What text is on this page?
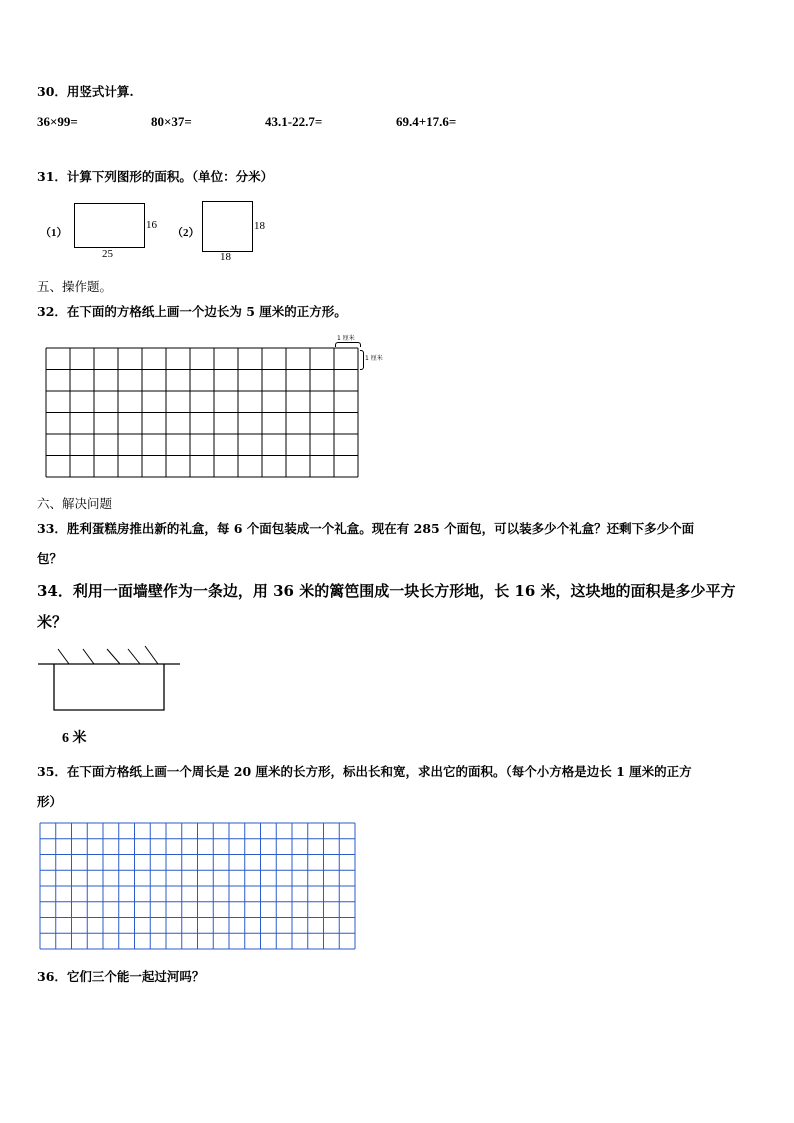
30．用竖式计算.
36×99=	80×37=	43.1-22.7=	69.4+17.6=
31．计算下列图形的面积。（单位：分米）
（1）
16
25
（2）
18
18
五、操作题。
32．在下面的方格纸上画一个边长为 5 厘米的正方形。
1 厘米
1 厘米
六、解决问题
33．胜利蛋糕房推出新的礼盒，每 6 个面包装成一个礼盒。现在有 285 个面包，可以装多少个礼盒？还剩下多少个面
包？
34．利用一面墙壁作为一条边，用 36 米的篱笆围成一块长方形地，长 16 米，这块地的面积是多少平方
米？
6 米
35．在下面方格纸上画一个周长是 20 厘米的长方形，标出长和宽，求出它的面积。（每个小方格是边长 1 厘米的正方
形）
36．它们三个能一起过河吗？
